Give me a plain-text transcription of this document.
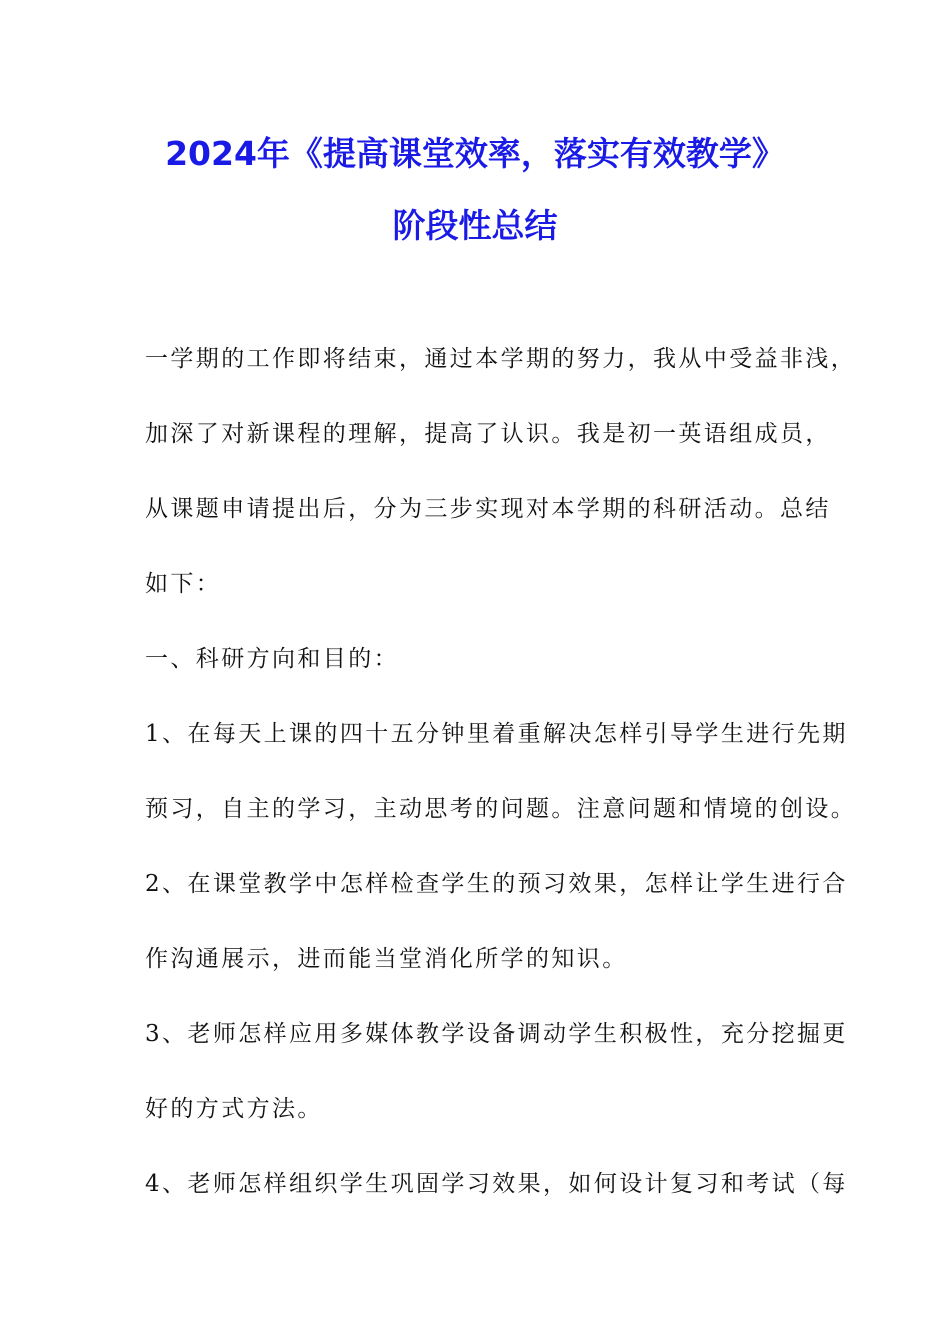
2024年《提高课堂效率，落实有效教学》
阶段性总结

一学期的工作即将结束，通过本学期的努力，我从中受益非浅，

加深了对新课程的理解，提高了认识。我是初一英语组成员，

从课题申请提出后，分为三步实现对本学期的科研活动。总结

如下：

一、科研方向和目的：

1、在每天上课的四十五分钟里着重解决怎样引导学生进行先期

预习，自主的学习，主动思考的问题。注意问题和情境的创设。

2、在课堂教学中怎样检查学生的预习效果，怎样让学生进行合

作沟通展示，进而能当堂消化所学的知识。

3、老师怎样应用多媒体教学设备调动学生积极性，充分挖掘更

好的方式方法。

4、老师怎样组织学生巩固学习效果，如何设计复习和考试（每
